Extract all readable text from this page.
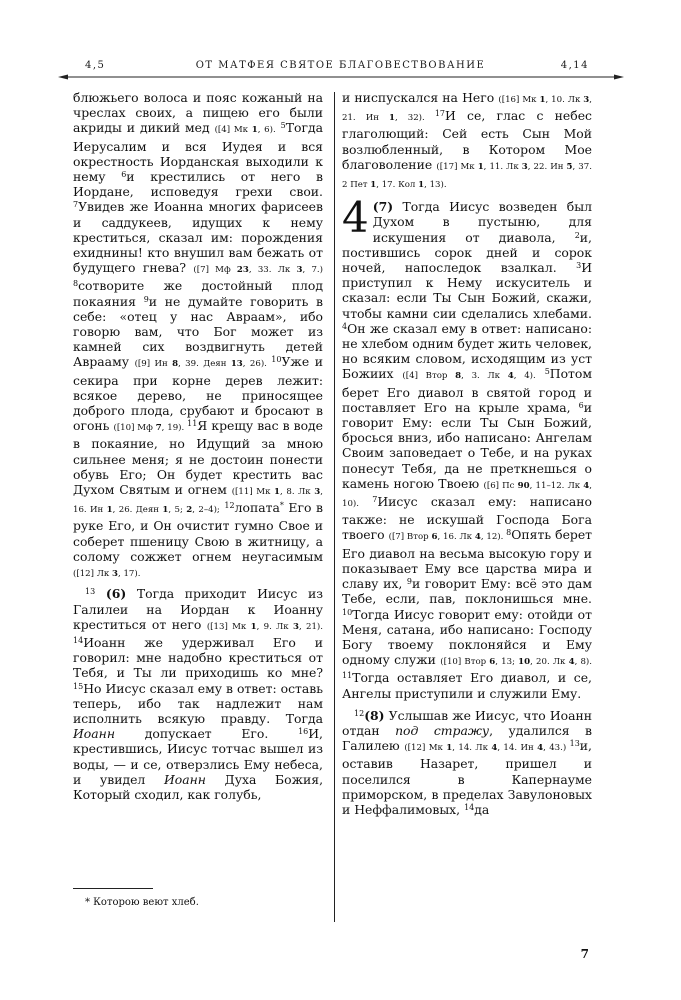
4,5	ОТ МАТФЕЯ СВЯТОЕ БЛАГОВЕСТВОВАНИЕ	4,14

блюжьего волоса и пояс кожаный на чреслах своих, а пищею его были акриды и дикий мед ([4] Мк 1, 6). $^5$Тогда Иерусалим и вся Иудея и вся окрестность Иорданская выходили к нему $^6$и крестились от него в Иордане, исповедуя грехи свои. $^7$Увидев же Иоанна многих фарисеев и саддукеев, идущих к нему креститься, сказал им: порождения ехиднины! кто внушил вам бежать от будущего гнева? ([7] Мф 23, 33. Лк 3, 7.) $^8$сотворите же достойный плод покаяния $^9$и не думайте говорить в себе: «отец у нас Авраам», ибо говорю вам, что Бог может из камней сих воздвигнуть детей Аврааму ([9] Ин 8, 39. Деян 13, 26). $^{10}$Уже и секира при корне дерев лежит: всякое дерево, не приносящее доброго плода, срубают и бросают в огонь ([10] Мф 7, 19). $^{11}$Я крещу вас в воде в покаяние, но Идущий за мною сильнее меня; я не достоин понести обувь Его; Он будет крестить вас Духом Святым и огнем ([11] Мк 1, 8. Лк 3, 16. Ин 1, 26. Деян 1, 5; 2, 2–4); $^{12}$лопата* Его в руке Его, и Он очистит гумно Свое и соберет пшеницу Свою в житницу, а солому сожжет огнем неугасимым ([12] Лк 3, 17).

$^{13}$ (6) Тогда приходит Иисус из Галилеи на Иордан к Иоанну креститься от него ([13] Мк 1, 9. Лк 3, 21). $^{14}$Иоанн же удерживал Его и говорил: мне надобно креститься от Тебя, и Ты ли приходишь ко мне? $^{15}$Но Иисус сказал ему в ответ: оставь теперь, ибо так надлежит нам исполнить всякую правду. Тогда Иоанн допускает Его. $^{16}$И, крестившись, Иисус тотчас вышел из воды, — и се, отверзлись Ему небеса, и увидел Иоанн Духа Божия, Который сходил, как голубь,

и ниспускался на Него ([16] Мк 1, 10. Лк 3, 21. Ин 1, 32). $^{17}$И се, глас с небес глаголющий: Сей есть Сын Мой возлюбленный, в Котором Мое благоволение ([17] Мк 1, 11. Лк 3, 22. Ин 5, 37. 2 Пет 1, 17. Кол 1, 13).

4 (7) Тогда Иисус возведен был Духом в пустыню, для искушения от диавола, $^2$и, постившись сорок дней и сорок ночей, напоследок взалкал. $^3$И приступил к Нему искуситель и сказал: если Ты Сын Божий, скажи, чтобы камни сии сделались хлебами. $^4$Он же сказал ему в ответ: написано: не хлебом одним будет жить человек, но всяким словом, исходящим из уст Божиих ([4] Втор 8, 3. Лк 4, 4). $^5$Потом берет Его диавол в святой город и поставляет Его на крыле храма, $^6$и говорит Ему: если Ты Сын Божий, бросься вниз, ибо написано: Ангелам Своим заповедает о Тебе, и на руках понесут Тебя, да не преткнешься о камень ногою Твоею ([6] Пс 90, 11–12. Лк 4, 10). $^7$Иисус сказал ему: написано также: не искушай Господа Бога твоего ([7] Втор 6, 16. Лк 4, 12). $^8$Опять берет Его диавол на весьма высокую гору и показывает Ему все царства мира и славу их, $^9$и говорит Ему: всё это дам Тебе, если, пав, поклонишься мне. $^{10}$Тогда Иисус говорит ему: отойди от Меня, сатана, ибо написано: Господу Богу твоему поклоняйся и Ему одному служи ([10] Втор 6, 13; 10, 20. Лк 4, 8). $^{11}$Тогда оставляет Его диавол, и се, Ангелы приступили и служили Ему.

$^{12}$(8) Услышав же Иисус, что Иоанн отдан под стражу, удалился в Галилею ([12] Мк 1, 14. Лк 4, 14. Ин 4, 43.) $^{13}$и, оставив Назарет, пришел и поселился в Капернауме приморском, в пределах Завулоновых и Неффалимовых, $^{14}$да

* Которою веют хлеб.
7
